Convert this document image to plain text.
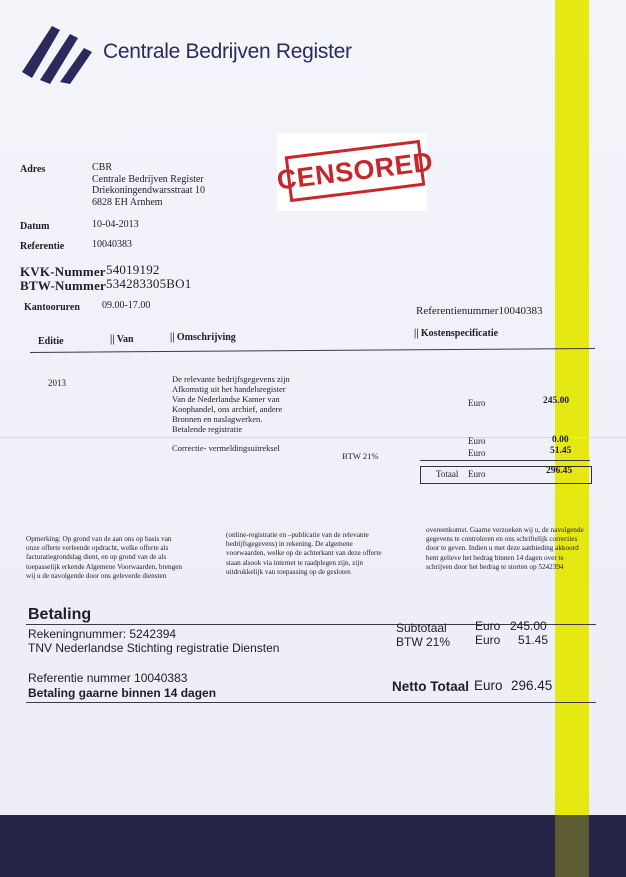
Centrale Bedrijven Register
CENSORED
Adres	CBR
Centrale Bedrijven Register
Driekoningendwarsstraat 10
6828 EH Arnhem
Datum	10-04-2013
Referentie	10040383
KVK-Nummer 54019192
BTW-Nummer 534283305BO1
Kantooruren 09.00-17.00	Referentienummer10040383
Editie	|| Van	|| Omschrijving	|| Kostenspecificatie
2013	De relevante bedrijfsgegevens zijn
Afkomstig uit het handelsregister
Van de Nederlandse Kamer van
Koophandel, ons archief, andere
Bronnen en naslagwerken.
Betalende registratie
Euro	245.00
Correctie- vermeldingsuitreksel
Euro	0.00
BTW 21%	Euro	51.45
Totaal Euro	296.45
Opmerking: Op grond van de aan ons op basis van
onze offerte verleende opdracht, welke offerte als
facturatiegrondslag dient, en op grond van de als
toepasselijk erkende Algemene Voorwaarden, brengen
wij u de navolgende door ons geleverde diensten
(online-registratie en –publicatie van de relevante
bedrijfsgegevens) in rekening. De algemene
voorwaarden, welke op de achterkant van deze offerte
staan alsook via internet te raadplegen zijn, zijn
uitdrukkelijk van toepassing op de gesloten
overeenkomst. Gaarne verzoeken wij u, de navolgende
gegevens te controleren en ons schriftelijk correcties
door te geven. Indien u met deze aanbieding akkoord
bent gelieve het bedrag binnen 14 dagen over te
schrijven door het bedrag te storten op 5242394
Betaling
Rekeningnummer: 5242394
TNV Nederlandse Stichting registratie Diensten
Referentie nummer 10040383
Betaling gaarne binnen 14 dagen
Subtotaal Euro 245.00
BTW 21% Euro 51.45
Netto Totaal Euro 296.45
